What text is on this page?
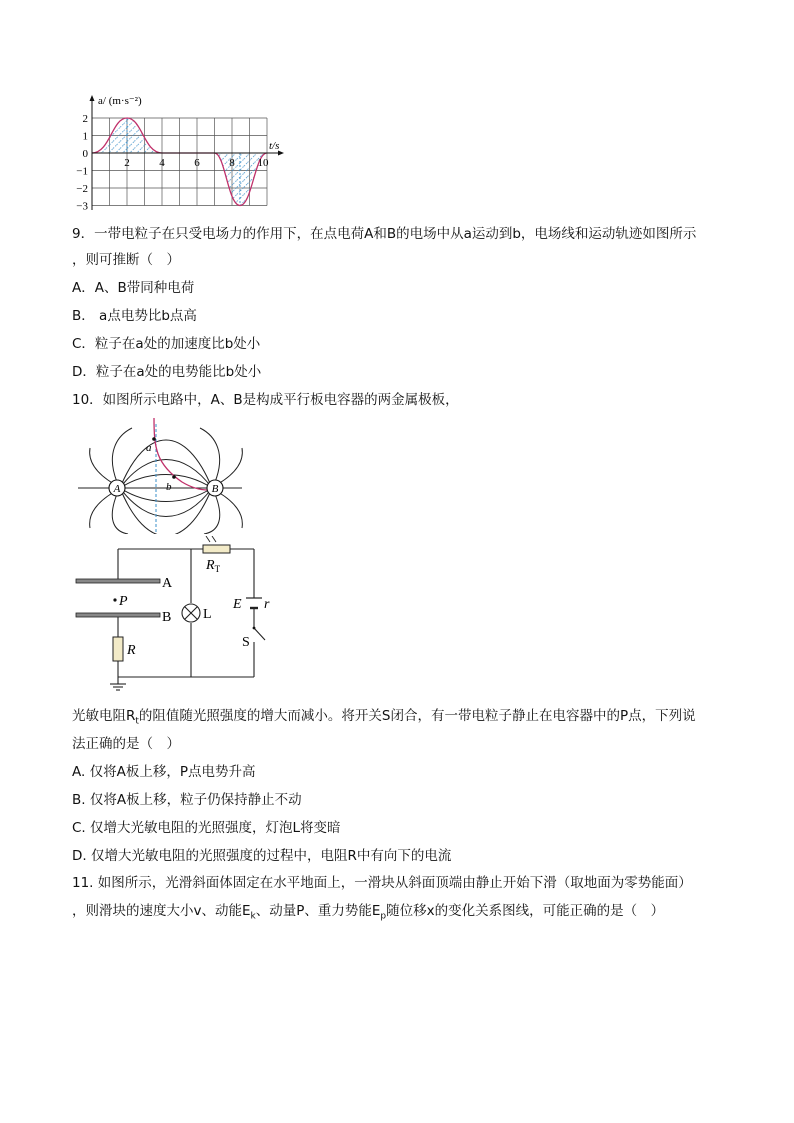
a/ (m·s⁻²)
t/s
2
1
0
−1
−2
−3
2	4	6	8 10
9．一带电粒子在只受电场力的作用下，在点电荷A和B的电场中从a运动到b，电场线和运动轨迹如图所示
，则可推断（　）
A．A、B带同种电荷
B． a点电势比b点高
C．粒子在a处的加速度比b处小
D．粒子在a处的电势能比b处小
10．如图所示电路中，A、B是构成平行板电容器的两金属极板，
A	B
a
b
A
B
P
R
L
$R_T$
E r
S
光敏电阻$R_t$的阻值随光照强度的增大而减小。将开关S闭合，有一带电粒子静止在电容器中的P点，下列说
法正确的是（　）
A. 仅将A板上移，P点电势升高
B. 仅将A板上移，粒子仍保持静止不动
C. 仅增大光敏电阻的光照强度，灯泡L将变暗
D. 仅增大光敏电阻的光照强度的过程中，电阻R中有向下的电流
11. 如图所示，光滑斜面体固定在水平地面上，一滑块从斜面顶端由静止开始下滑（取地面为零势能面）
，则滑块的速度大小v、动能$E_k$、动量P、重力势能$E_p$随位移x的变化关系图线，可能正确的是（　）
